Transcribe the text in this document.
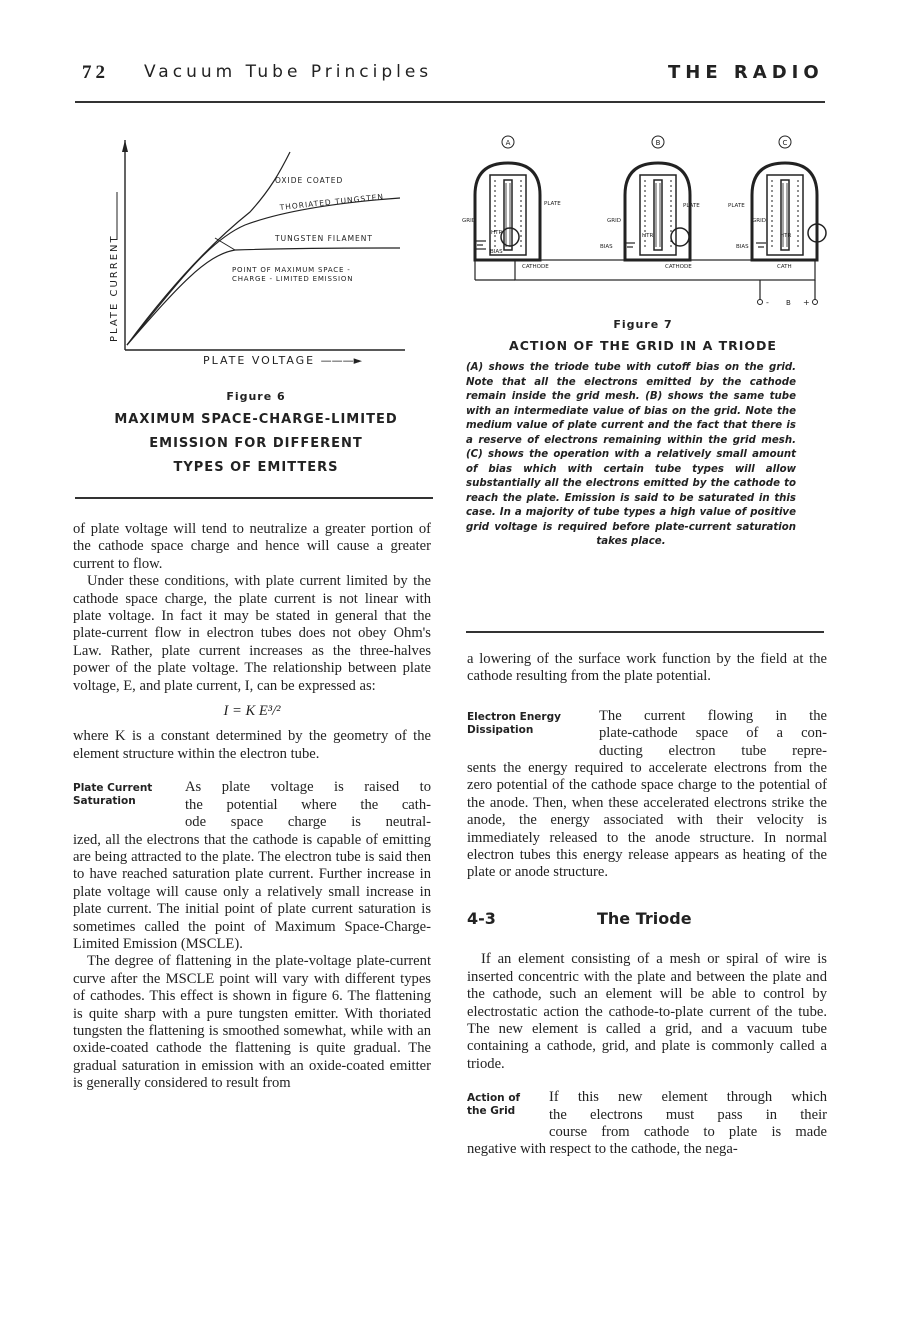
72 Vacuum Tube Principles	THE RADIO
PLATE CURRENT
OXIDE COATED
THORIATED TUNGSTEN
TUNGSTEN FILAMENT
POINT OF MAXIMUM SPACE -
CHARGE - LIMITED EMISSION
PLATE VOLTAGE ———►
Figure 6
MAXIMUM SPACE-CHARGE-LIMITED
EMISSION FOR DIFFERENT
TYPES OF EMITTERS
A	B	C
PLATE
GRID
HTR
BIAS
CATHODE
PLATE
GRID
HTR
BIAS
CATHODE
PLATE
GRID
HTR
BIAS
CATH
- B +
Figure 7
ACTION OF THE GRID IN A TRIODE
(A) shows the triode tube with cutoff bias on the grid. Note that all the electrons emitted by the cathode remain inside the grid mesh. (B) shows the same tube with an intermediate value of bias on the grid. Note the medium value of plate current and the fact that there is a reserve of electrons remaining within the grid mesh. (C) shows the operation with a relatively small amount of bias which with certain tube types will allow substantially all the electrons emitted by the cathode to reach the plate. Emission is said to be saturated in this case. In a majority of tube types a high value of positive grid voltage is required before plate-current saturation takes place.

of plate voltage will tend to neutralize a greater portion of the cathode space charge and hence will cause a greater current to flow.

Under these conditions, with plate current limited by the cathode space charge, the plate current is not linear with plate voltage. In fact it may be stated in general that the plate-current flow in electron tubes does not obey Ohm's Law. Rather, plate current increases as the three-halves power of the plate voltage. The relationship between plate voltage, E, and plate current, I, can be expressed as:

I = K E³/²

where K is a constant determined by the geometry of the element structure within the electron tube.

Plate Current
Saturation
As plate voltage is raised to
the potential where the cath-
ode space charge is neutral-

ized, all the electrons that the cathode is capable of emitting are being attracted to the plate. The electron tube is said then to have reached saturation plate current. Further increase in plate voltage will cause only a relatively small increase in plate current. The initial point of plate current saturation is sometimes called the point of Maximum Space-Charge-Limited Emission (MSCLE).

The degree of flattening in the plate-voltage plate-current curve after the MSCLE point will vary with different types of cathodes. This effect is shown in figure 6. The flattening is quite sharp with a pure tungsten emitter. With thoriated tungsten the flattening is smoothed somewhat, while with an oxide-coated cathode the flattening is quite gradual. The gradual saturation in emission with an oxide-coated emitter is generally considered to result from

a lowering of the surface work function by the field at the cathode resulting from the plate potential.

Electron Energy
Dissipation
The current flowing in the
plate-cathode space of a con-
ducting electron tube repre-

sents the energy required to accelerate electrons from the zero potential of the cathode space charge to the potential of the anode. Then, when these accelerated electrons strike the anode, the energy associated with their velocity is immediately released to the anode structure. In normal electron tubes this energy release appears as heating of the plate or anode structure.

4-3	The Triode

If an element consisting of a mesh or spiral of wire is inserted concentric with the plate and between the plate and the cathode, such an element will be able to control by electrostatic action the cathode-to-plate current of the tube. The new element is called a grid, and a vacuum tube containing a cathode, grid, and plate is commonly called a triode.

Action of
the Grid
If this new element through which
the electrons must pass in their
course from cathode to plate is made

negative with respect to the cathode, the nega-
